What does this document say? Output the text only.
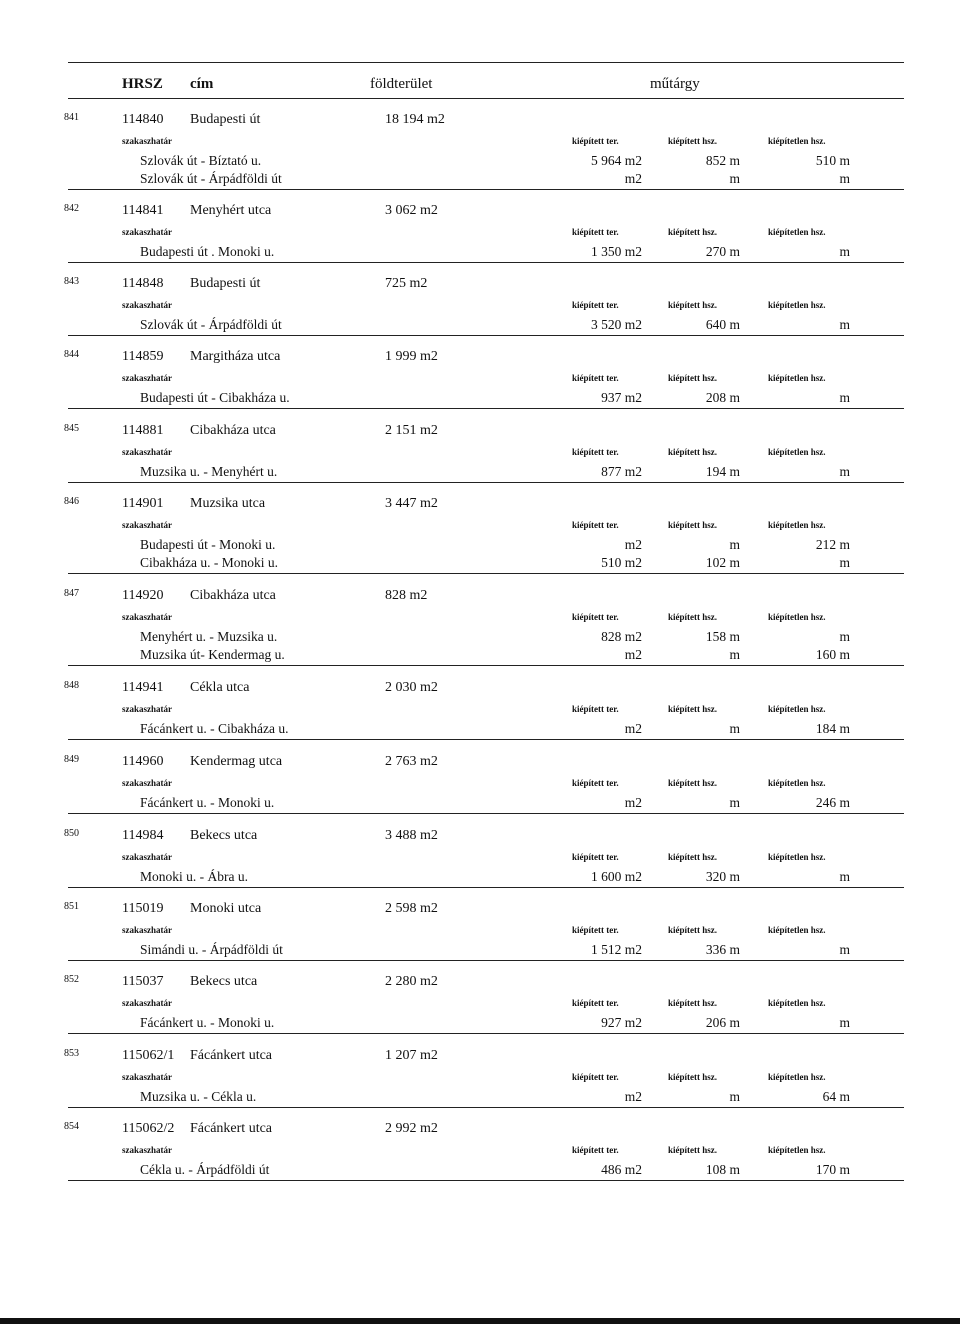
HRSZ cím	földterület	műtárgy
841	114840 Budapesti út	18 194 m2
szakaszhatár	kiépített ter.	kiépített hsz.	kiépítetlen hsz.
Szlovák út - Bíztató u.	5 964 m2	852 m	510 m
Szlovák út - Árpádföldi út	m2	m	m
842	114841 Menyhért utca	3 062 m2
szakaszhatár	kiépített ter.	kiépített hsz.	kiépítetlen hsz.
Budapesti út . Monoki u.	1 350 m2	270 m	m
843	114848 Budapesti út	725 m2
szakaszhatár	kiépített ter.	kiépített hsz.	kiépítetlen hsz.
Szlovák út - Árpádföldi út	3 520 m2	640 m	m
844	114859 Margitháza utca	1 999 m2
szakaszhatár	kiépített ter.	kiépített hsz.	kiépítetlen hsz.
Budapesti út - Cibakháza u.	937 m2	208 m	m
845	114881 Cibakháza utca	2 151 m2
szakaszhatár	kiépített ter.	kiépített hsz.	kiépítetlen hsz.
Muzsika u. - Menyhért u.	877 m2	194 m	m
846	114901 Muzsika utca	3 447 m2
szakaszhatár	kiépített ter.	kiépített hsz.	kiépítetlen hsz.
Budapesti út - Monoki u.	m2	m	212 m
Cibakháza u. - Monoki u.	510 m2	102 m	m
847	114920 Cibakháza utca	828 m2
szakaszhatár	kiépített ter.	kiépített hsz.	kiépítetlen hsz.
Menyhért u. - Muzsika u.	828 m2	158 m	m
Muzsika út- Kendermag u.	m2	m	160 m
848	114941 Cékla utca	2 030 m2
szakaszhatár	kiépített ter.	kiépített hsz.	kiépítetlen hsz.
Fácánkert u. - Cibakháza u.	m2	m	184 m
849	114960 Kendermag utca	2 763 m2
szakaszhatár	kiépített ter.	kiépített hsz.	kiépítetlen hsz.
Fácánkert u. - Monoki u.	m2	m	246 m
850	114984 Bekecs utca	3 488 m2
szakaszhatár	kiépített ter.	kiépített hsz.	kiépítetlen hsz.
Monoki u. - Ábra u.	1 600 m2	320 m	m
851	115019 Monoki utca	2 598 m2
szakaszhatár	kiépített ter.	kiépített hsz.	kiépítetlen hsz.
Simándi u. - Árpádföldi út	1 512 m2	336 m	m
852	115037 Bekecs utca	2 280 m2
szakaszhatár	kiépített ter.	kiépített hsz.	kiépítetlen hsz.
Fácánkert u. - Monoki u.	927 m2	206 m	m
853	115062/1 Fácánkert utca	1 207 m2
szakaszhatár	kiépített ter.	kiépített hsz.	kiépítetlen hsz.
Muzsika u. - Cékla u.	m2	m	64 m
854	115062/2 Fácánkert utca	2 992 m2
szakaszhatár	kiépített ter.	kiépített hsz.	kiépítetlen hsz.
Cékla u. - Árpádföldi út	486 m2	108 m	170 m
